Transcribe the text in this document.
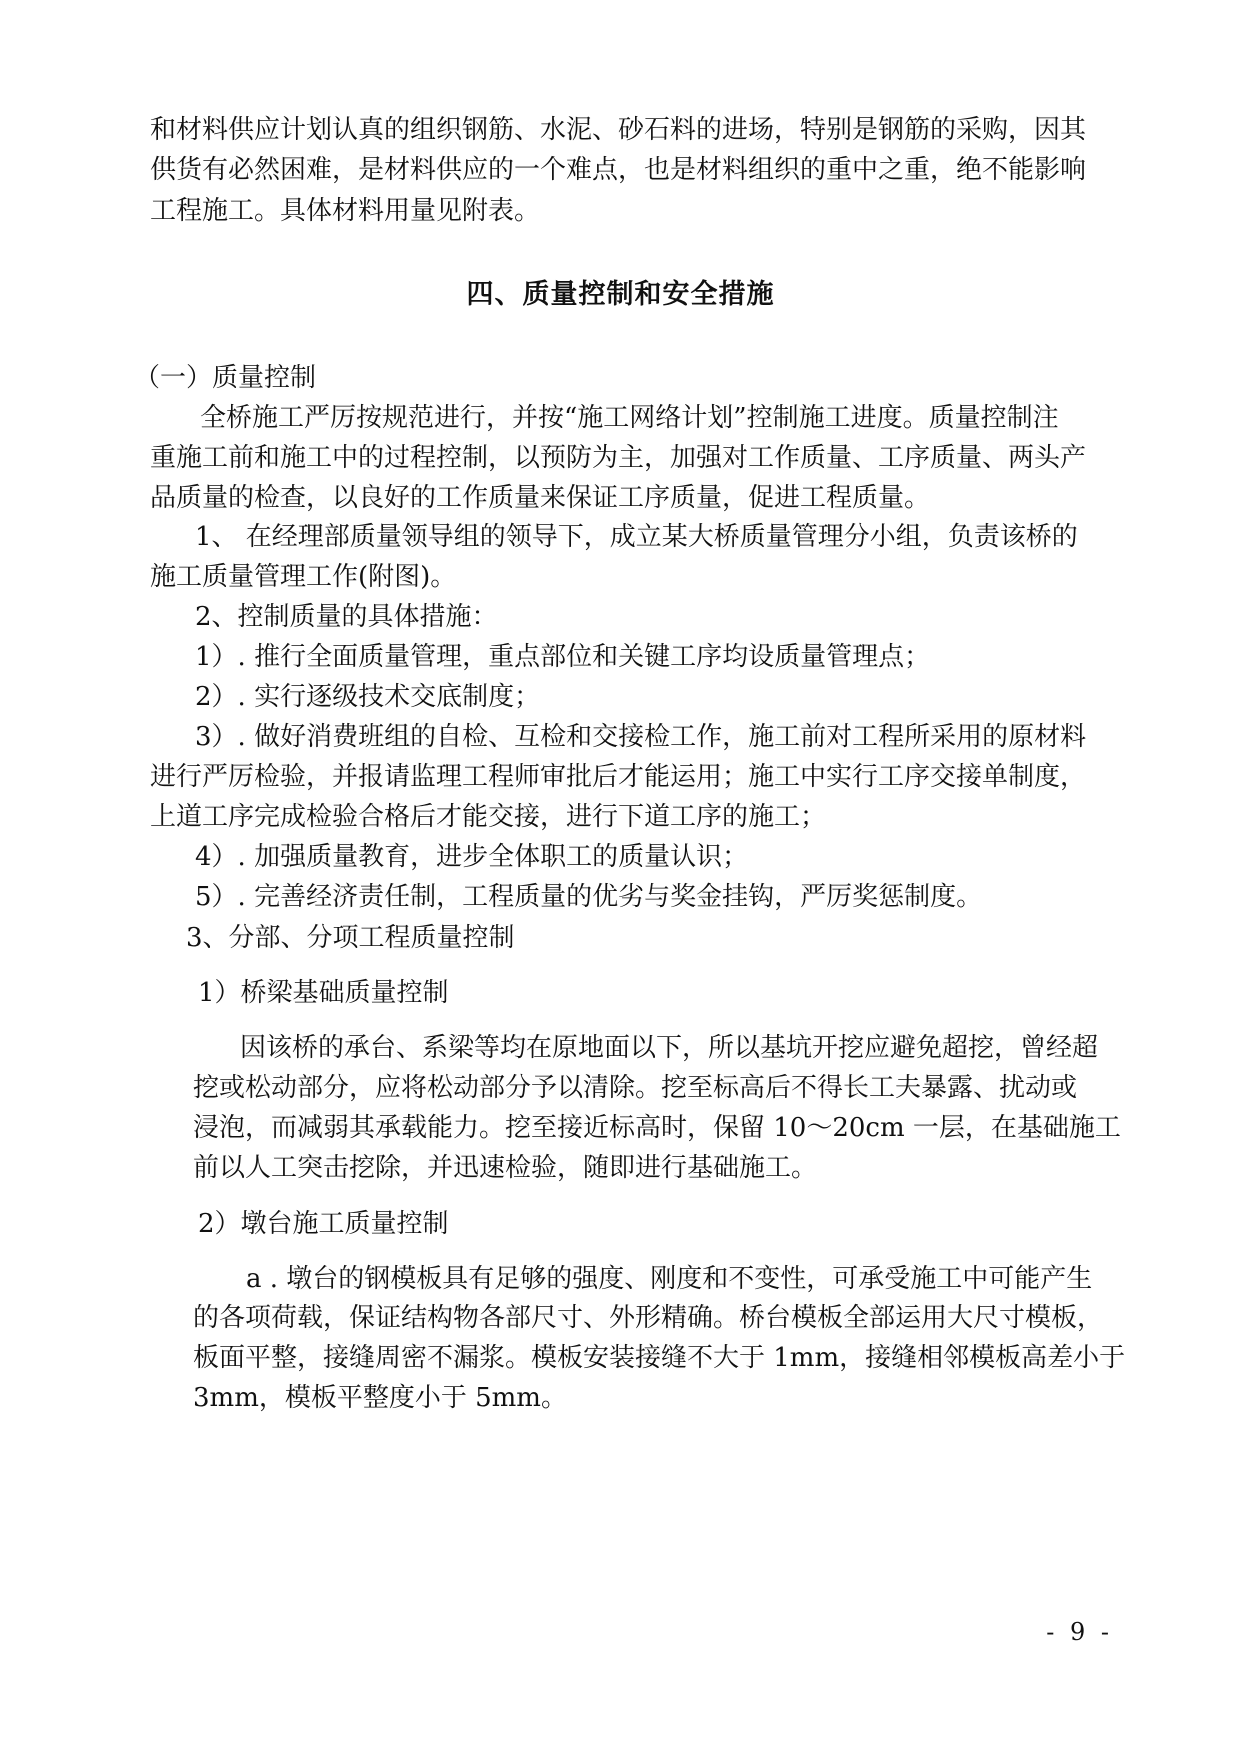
和材料供应计划认真的组织钢筋、水泥、砂石料的进场，特别是钢筋的采购，因其
供货有必然困难，是材料供应的一个难点，也是材料组织的重中之重，绝不能影响
工程施工。具体材料用量见附表。
四、质量控制和安全措施
（一）质量控制
全桥施工严厉按规范进行，并按“施工网络计划”控制施工进度。质量控制注
重施工前和施工中的过程控制，以预防为主，加强对工作质量、工序质量、两头产
品质量的检查，以良好的工作质量来保证工序质量，促进工程质量。
1、 在经理部质量领导组的领导下，成立某大桥质量管理分小组，负责该桥的
施工质量管理工作(附图)。
2、控制质量的具体措施：
1）. 推行全面质量管理，重点部位和关键工序均设质量管理点；
2）. 实行逐级技术交底制度；
3）. 做好消费班组的自检、互检和交接检工作，施工前对工程所采用的原材料
进行严厉检验，并报请监理工程师审批后才能运用；施工中实行工序交接单制度，
上道工序完成检验合格后才能交接，进行下道工序的施工；
4）. 加强质量教育，进步全体职工的质量认识；
5）. 完善经济责任制，工程质量的优劣与奖金挂钩，严厉奖惩制度。
3、分部、分项工程质量控制
1）桥梁基础质量控制
因该桥的承台、系梁等均在原地面以下，所以基坑开挖应避免超挖，曾经超
挖或松动部分，应将松动部分予以清除。挖至标高后不得长工夫暴露、扰动或
浸泡，而减弱其承载能力。挖至接近标高时，保留 10～20cm 一层，在基础施工
前以人工突击挖除，并迅速检验，随即进行基础施工。
2）墩台施工质量控制
a . 墩台的钢模板具有足够的强度、刚度和不变性，可承受施工中可能产生
的各项荷载，保证结构物各部尺寸、外形精确。桥台模板全部运用大尺寸模板，
板面平整，接缝周密不漏浆。模板安装接缝不大于 1mm，接缝相邻模板高差小于
3mm，模板平整度小于 5mm。
- 9 -
